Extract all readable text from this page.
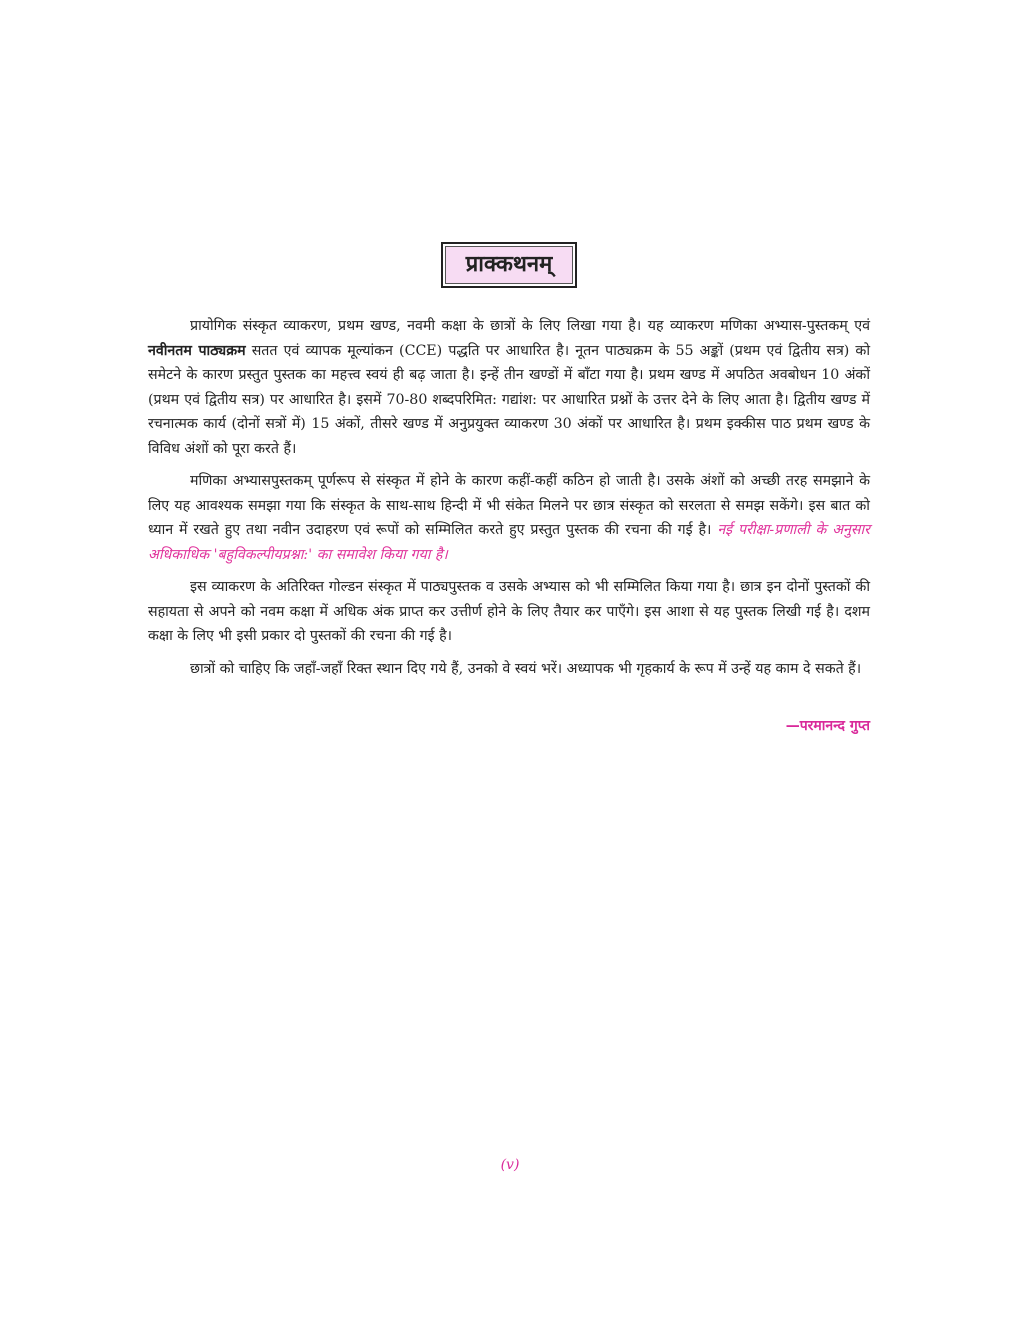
प्राक्कथनम्

प्रायोगिक संस्कृत व्याकरण, प्रथम खण्ड, नवमी कक्षा के छात्रों के लिए लिखा गया है। यह व्याकरण मणिका अभ्यास-पुस्तकम् एवं नवीनतम पाठ्यक्रम सतत एवं व्यापक मूल्यांकन (CCE) पद्धति पर आधारित है। नूतन पाठ्यक्रम के 55 अङ्कों (प्रथम एवं द्वितीय सत्र) को समेटने के कारण प्रस्तुत पुस्तक का महत्त्व स्वयं ही बढ़ जाता है। इन्हें तीन खण्डों में बाँटा गया है। प्रथम खण्ड में अपठित अवबोधन 10 अंकों (प्रथम एवं द्वितीय सत्र) पर आधारित है। इसमें 70-80 शब्दपरिमित: गद्यांश: पर आधारित प्रश्नों के उत्तर देने के लिए आता है। द्वितीय खण्ड में रचनात्मक कार्य (दोनों सत्रों में) 15 अंकों, तीसरे खण्ड में अनुप्रयुक्त व्याकरण 30 अंकों पर आधारित है। प्रथम इक्कीस पाठ प्रथम खण्ड के विविध अंशों को पूरा करते हैं।

मणिका अभ्यासपुस्तकम् पूर्णरूप से संस्कृत में होने के कारण कहीं-कहीं कठिन हो जाती है। उसके अंशों को अच्छी तरह समझाने के लिए यह आवश्यक समझा गया कि संस्कृत के साथ-साथ हिन्दी में भी संकेत मिलने पर छात्र संस्कृत को सरलता से समझ सकेंगे। इस बात को ध्यान में रखते हुए तथा नवीन उदाहरण एवं रूपों को सम्मिलित करते हुए प्रस्तुत पुस्तक की रचना की गई है। नई परीक्षा-प्रणाली के अनुसार अधिकाधिक 'बहुविकल्पीयप्रश्ना:' का समावेश किया गया है।

इस व्याकरण के अतिरिक्त गोल्डन संस्कृत में पाठ्यपुस्तक व उसके अभ्यास को भी सम्मिलित किया गया है। छात्र इन दोनों पुस्तकों की सहायता से अपने को नवम कक्षा में अधिक अंक प्राप्त कर उत्तीर्ण होने के लिए तैयार कर पाएँगे। इस आशा से यह पुस्तक लिखी गई है। दशम कक्षा के लिए भी इसी प्रकार दो पुस्तकों की रचना की गई है।

छात्रों को चाहिए कि जहाँ-जहाँ रिक्त स्थान दिए गये हैं, उनको वे स्वयं भरें। अध्यापक भी गृहकार्य के रूप में उन्हें यह काम दे सकते हैं।

—परमानन्द गुप्त
(v)
